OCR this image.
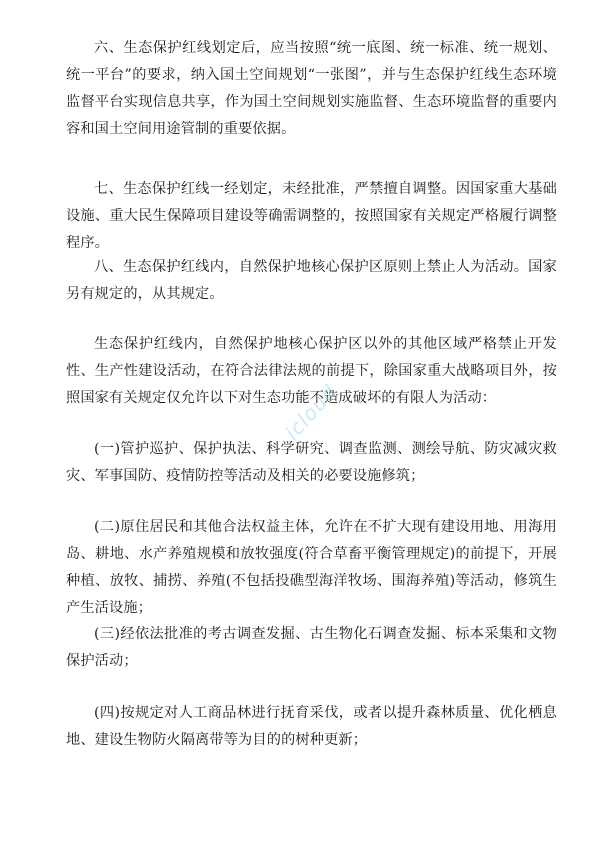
六、生态保护红线划定后，应当按照“统一底图、统一标准、统一规划、统一平台”的要求，纳入国土空间规划“一张图”，并与生态保护红线生态环境监督平台实现信息共享，作为国土空间规划实施监督、生态环境监督的重要内容和国土空间用途管制的重要依据。

七、生态保护红线一经划定，未经批准，严禁擅自调整。因国家重大基础设施、重大民生保障项目建设等确需调整的，按照国家有关规定严格履行调整程序。

八、生态保护红线内，自然保护地核心保护区原则上禁止人为活动。国家另有规定的，从其规定。

生态保护红线内，自然保护地核心保护区以外的其他区域严格禁止开发性、生产性建设活动，在符合法律法规的前提下，除国家重大战略项目外，按照国家有关规定仅允许以下对生态功能不造成破坏的有限人为活动：

(一)管护巡护、保护执法、科学研究、调查监测、测绘导航、防灾减灾救灾、军事国防、疫情防控等活动及相关的必要设施修筑；

(二)原住居民和其他合法权益主体，允许在不扩大现有建设用地、用海用岛、耕地、水产养殖规模和放牧强度(符合草畜平衡管理规定)的前提下，开展种植、放牧、捕捞、养殖(不包括投礁型海洋牧场、围海养殖)等活动，修筑生产生活设施；

(三)经依法批准的考古调查发掘、古生物化石调查发掘、标本采集和文物保护活动；

(四)按规定对人工商品林进行抚育采伐，或者以提升森林质量、优化栖息地、建设生物防火隔离带等为目的的树种更新；

icloud
